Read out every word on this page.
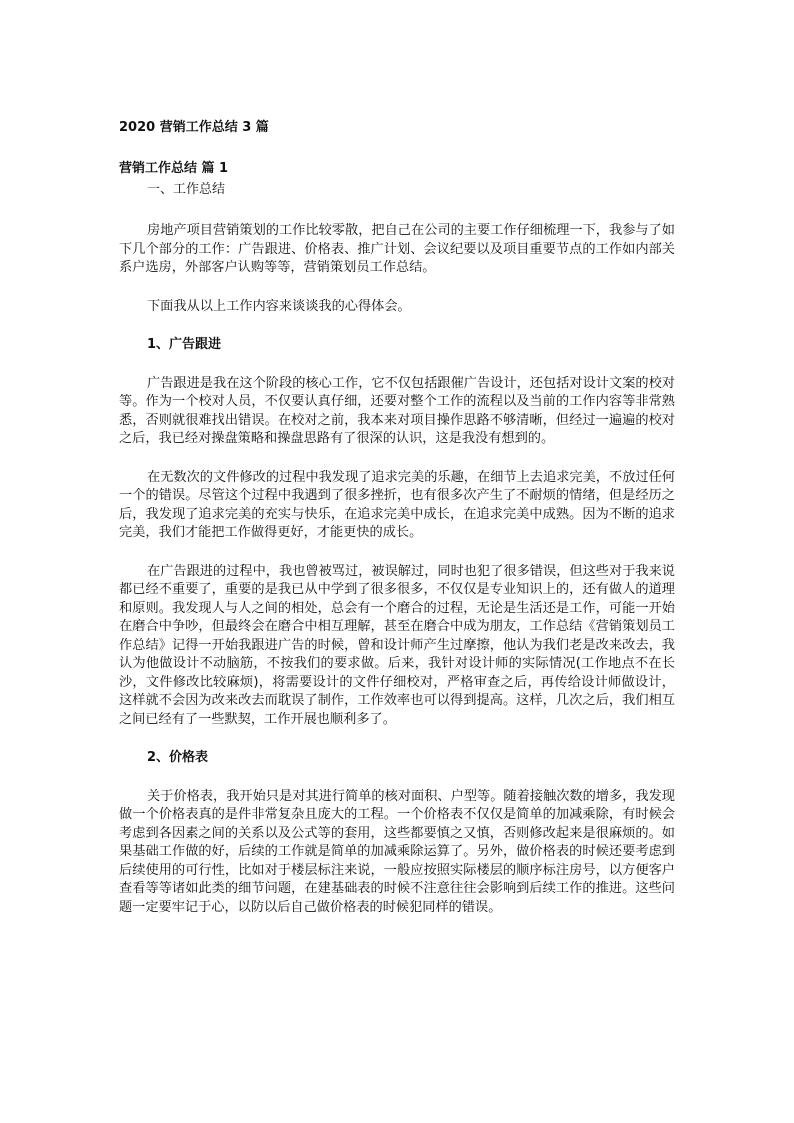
2020 营销工作总结 3 篇
营销工作总结 篇 1
一、工作总结

房地产项目营销策划的工作比较零散，把自己在公司的主要工作仔细梳理一下，我参与了如下几个部分的工作：广告跟进、价格表、推广计划、会议纪要以及项目重要节点的工作如内部关系户选房，外部客户认购等等，营销策划员工作总结。

下面我从以上工作内容来谈谈我的心得体会。

1、广告跟进

广告跟进是我在这个阶段的核心工作，它不仅包括跟催广告设计，还包括对设计文案的校对等。作为一个校对人员，不仅要认真仔细，还要对整个工作的流程以及当前的工作内容等非常熟悉，否则就很难找出错误。在校对之前，我本来对项目操作思路不够清晰，但经过一遍遍的校对之后，我已经对操盘策略和操盘思路有了很深的认识，这是我没有想到的。

在无数次的文件修改的过程中我发现了追求完美的乐趣，在细节上去追求完美，不放过任何一个的错误。尽管这个过程中我遇到了很多挫折，也有很多次产生了不耐烦的情绪，但是经历之后，我发现了追求完美的充实与快乐，在追求完美中成长，在追求完美中成熟。因为不断的追求完美，我们才能把工作做得更好，才能更快的成长。

在广告跟进的过程中，我也曾被骂过，被误解过，同时也犯了很多错误，但这些对于我来说都已经不重要了，重要的是我已从中学到了很多很多，不仅仅是专业知识上的，还有做人的道理和原则。我发现人与人之间的相处，总会有一个磨合的过程，无论是生活还是工作，可能一开始在磨合中争吵，但最终会在磨合中相互理解，甚至在磨合中成为朋友，工作总结《营销策划员工作总结》记得一开始我跟进广告的时候，曾和设计师产生过摩擦，他认为我们老是改来改去，我认为他做设计不动脑筋，不按我们的要求做。后来，我针对设计师的实际情况(工作地点不在长沙，文件修改比较麻烦)，将需要设计的文件仔细校对，严格审查之后，再传给设计师做设计，这样就不会因为改来改去而耽误了制作，工作效率也可以得到提高。这样，几次之后，我们相互之间已经有了一些默契，工作开展也顺利多了。

2、价格表

关于价格表，我开始只是对其进行简单的核对面积、户型等。随着接触次数的增多，我发现做一个价格表真的是件非常复杂且庞大的工程。一个价格表不仅仅是简单的加减乘除，有时候会考虑到各因素之间的关系以及公式等的套用，这些都要慎之又慎，否则修改起来是很麻烦的。如果基础工作做的好，后续的工作就是简单的加减乘除运算了。另外，做价格表的时候还要考虑到后续使用的可行性，比如对于楼层标注来说，一般应按照实际楼层的顺序标注房号，以方便客户查看等等诸如此类的细节问题，在建基础表的时候不注意往往会影响到后续工作的推进。这些问题一定要牢记于心，以防以后自己做价格表的时候犯同样的错误。
